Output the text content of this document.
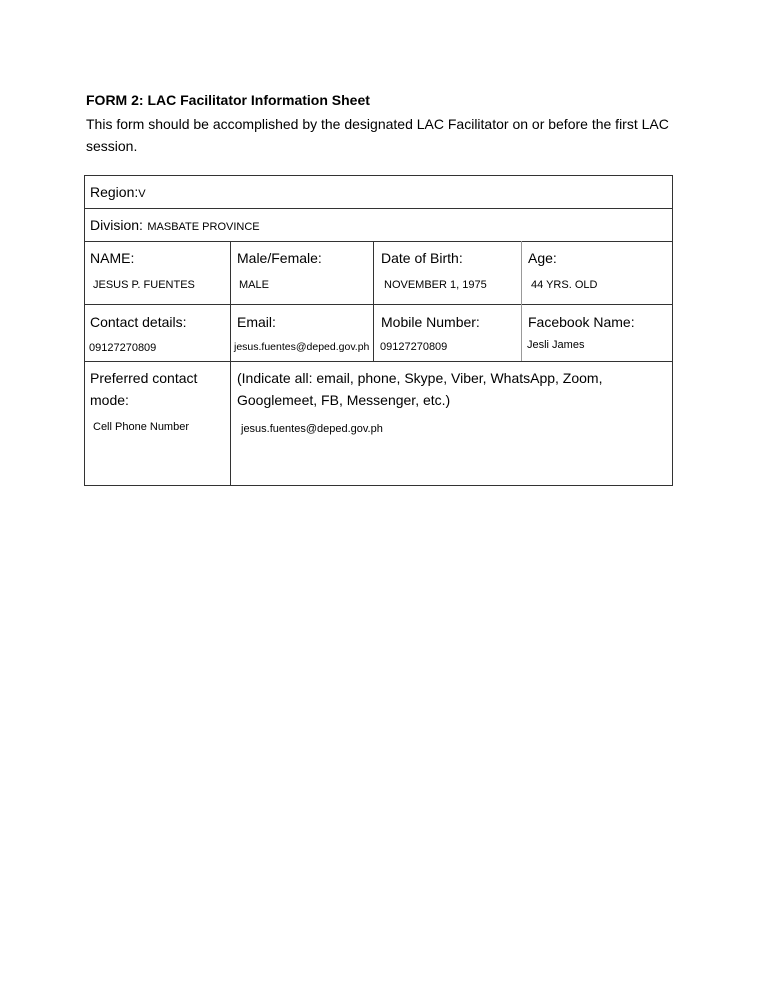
FORM 2: LAC Facilitator Information Sheet
This form should be accomplished by the designated LAC Facilitator on or before the first LAC
session.
Region:V
Division: MASBATE PROVINCE
NAME:
JESUS P. FUENTES
Male/Female:
MALE
Date of Birth:
NOVEMBER 1, 1975
Age:
44 YRS. OLD
Contact details:
09127270809
Email:
jesus.fuentes@deped.gov.ph
Mobile Number:
09127270809
Facebook Name:
Jesli James
Preferred contact
mode:
Cell Phone Number
(Indicate all: email, phone, Skype, Viber, WhatsApp, Zoom,
Googlemeet, FB, Messenger, etc.)
jesus.fuentes@deped.gov.ph
